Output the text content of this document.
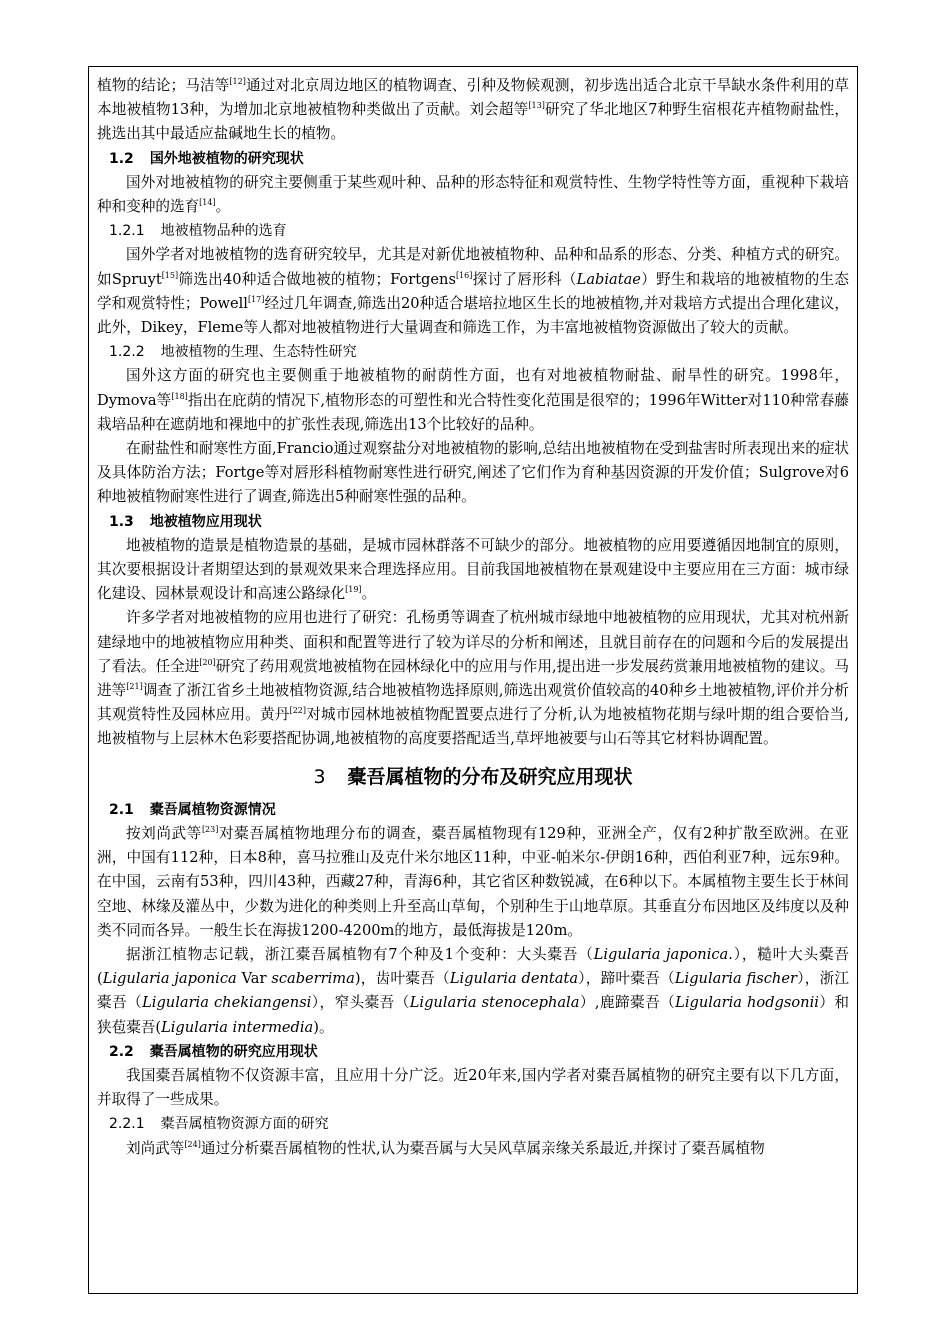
植物的结论；马洁等[12]通过对北京周边地区的植物调查、引种及物候观测，初步选出适合北京干旱缺水条件利用的草本地被植物13种，为增加北京地被植物种类做出了贡献。刘会超等[13]研究了华北地区7种野生宿根花卉植物耐盐性，挑选出其中最适应盐碱地生长的植物。

1.2 国外地被植物的研究现状

国外对地被植物的研究主要侧重于某些观叶种、品种的形态特征和观赏特性、生物学特性等方面，重视种下栽培种和变种的选育[14]。

1.2.1 地被植物品种的选育

国外学者对地被植物的选育研究较早，尤其是对新优地被植物种、品种和品系的形态、分类、种植方式的研究。如Spruyt[15]筛选出40种适合做地被的植物；Fortgens[16]探讨了唇形科（Labiatae）野生和栽培的地被植物的生态学和观赏特性；Powell[17]经过几年调查,筛选出20种适合堪培拉地区生长的地被植物,并对栽培方式提出合理化建议，此外，Dikey，Fleme等人都对地被植物进行大量调查和筛选工作，为丰富地被植物资源做出了较大的贡献。

1.2.2 地被植物的生理、生态特性研究

国外这方面的研究也主要侧重于地被植物的耐荫性方面，也有对地被植物耐盐、耐旱性的研究。1998年，Dymova等[18]指出在庇荫的情况下,植物形态的可塑性和光合特性变化范围是很窄的；1996年Witter对110种常春藤栽培品种在遮荫地和裸地中的扩张性表现,筛选出13个比较好的品种。

在耐盐性和耐寒性方面,Francio通过观察盐分对地被植物的影响,总结出地被植物在受到盐害时所表现出来的症状及具体防治方法；Fortge等对唇形科植物耐寒性进行研究,阐述了它们作为育种基因资源的开发价值；Sulgrove对6种地被植物耐寒性进行了调查,筛选出5种耐寒性强的品种。

1.3 地被植物应用现状

地被植物的造景是植物造景的基础，是城市园林群落不可缺少的部分。地被植物的应用要遵循因地制宜的原则，其次要根据设计者期望达到的景观效果来合理选择应用。目前我国地被植物在景观建设中主要应用在三方面：城市绿化建设、园林景观设计和高速公路绿化[19]。

许多学者对地被植物的应用也进行了研究：孔杨勇等调查了杭州城市绿地中地被植物的应用现状，尤其对杭州新建绿地中的地被植物应用种类、面积和配置等进行了较为详尽的分析和阐述，且就目前存在的问题和今后的发展提出了看法。任全进[20]研究了药用观赏地被植物在园林绿化中的应用与作用,提出进一步发展药赏兼用地被植物的建议。马进等[21]调查了浙江省乡土地被植物资源,结合地被植物选择原则,筛选出观赏价值较高的40种乡土地被植物,评价并分析其观赏特性及园林应用。黄丹[22]对城市园林地被植物配置要点进行了分析,认为地被植物花期与绿叶期的组合要恰当,地被植物与上层林木色彩要搭配协调,地被植物的高度要搭配适当,草坪地被要与山石等其它材料协调配置。

3 橐吾属植物的分布及研究应用现状
2.1 橐吾属植物资源情况

按刘尚武等[23]对橐吾属植物地理分布的调查，橐吾属植物现有129种，亚洲全产，仅有2种扩散至欧洲。在亚洲，中国有112种，日本8种，喜马拉雅山及克什米尔地区11种，中亚-帕米尔-伊朗16种，西伯利亚7种，远东9种。在中国，云南有53种，四川43种，西藏27种，青海6种，其它省区种数锐减，在6种以下。本属植物主要生长于林间空地、林缘及灌丛中，少数为进化的种类则上升至高山草甸，个别种生于山地草原。其垂直分布因地区及纬度以及种类不同而各异。一般生长在海拔1200-4200m的地方，最低海拔是120m。

据浙江植物志记载，浙江橐吾属植物有7个种及1个变种：大头橐吾（Ligularia japonica.），糙叶大头橐吾(Ligularia japonica Var scaberrima)，齿叶橐吾（Ligularia dentata），蹄叶橐吾（Ligularia fischer），浙江橐吾（Ligularia chekiangensi），窄头橐吾（Ligularia stenocephala）,鹿蹄橐吾（Ligularia hodgsonii）和狭苞橐吾(Ligularia intermedia)。

2.2 橐吾属植物的研究应用现状

我国橐吾属植物不仅资源丰富，且应用十分广泛。近20年来,国内学者对橐吾属植物的研究主要有以下几方面，并取得了一些成果。

2.2.1 橐吾属植物资源方面的研究

刘尚武等[24]通过分析橐吾属植物的性状,认为橐吾属与大吴风草属亲缘关系最近,并探讨了橐吾属植物
